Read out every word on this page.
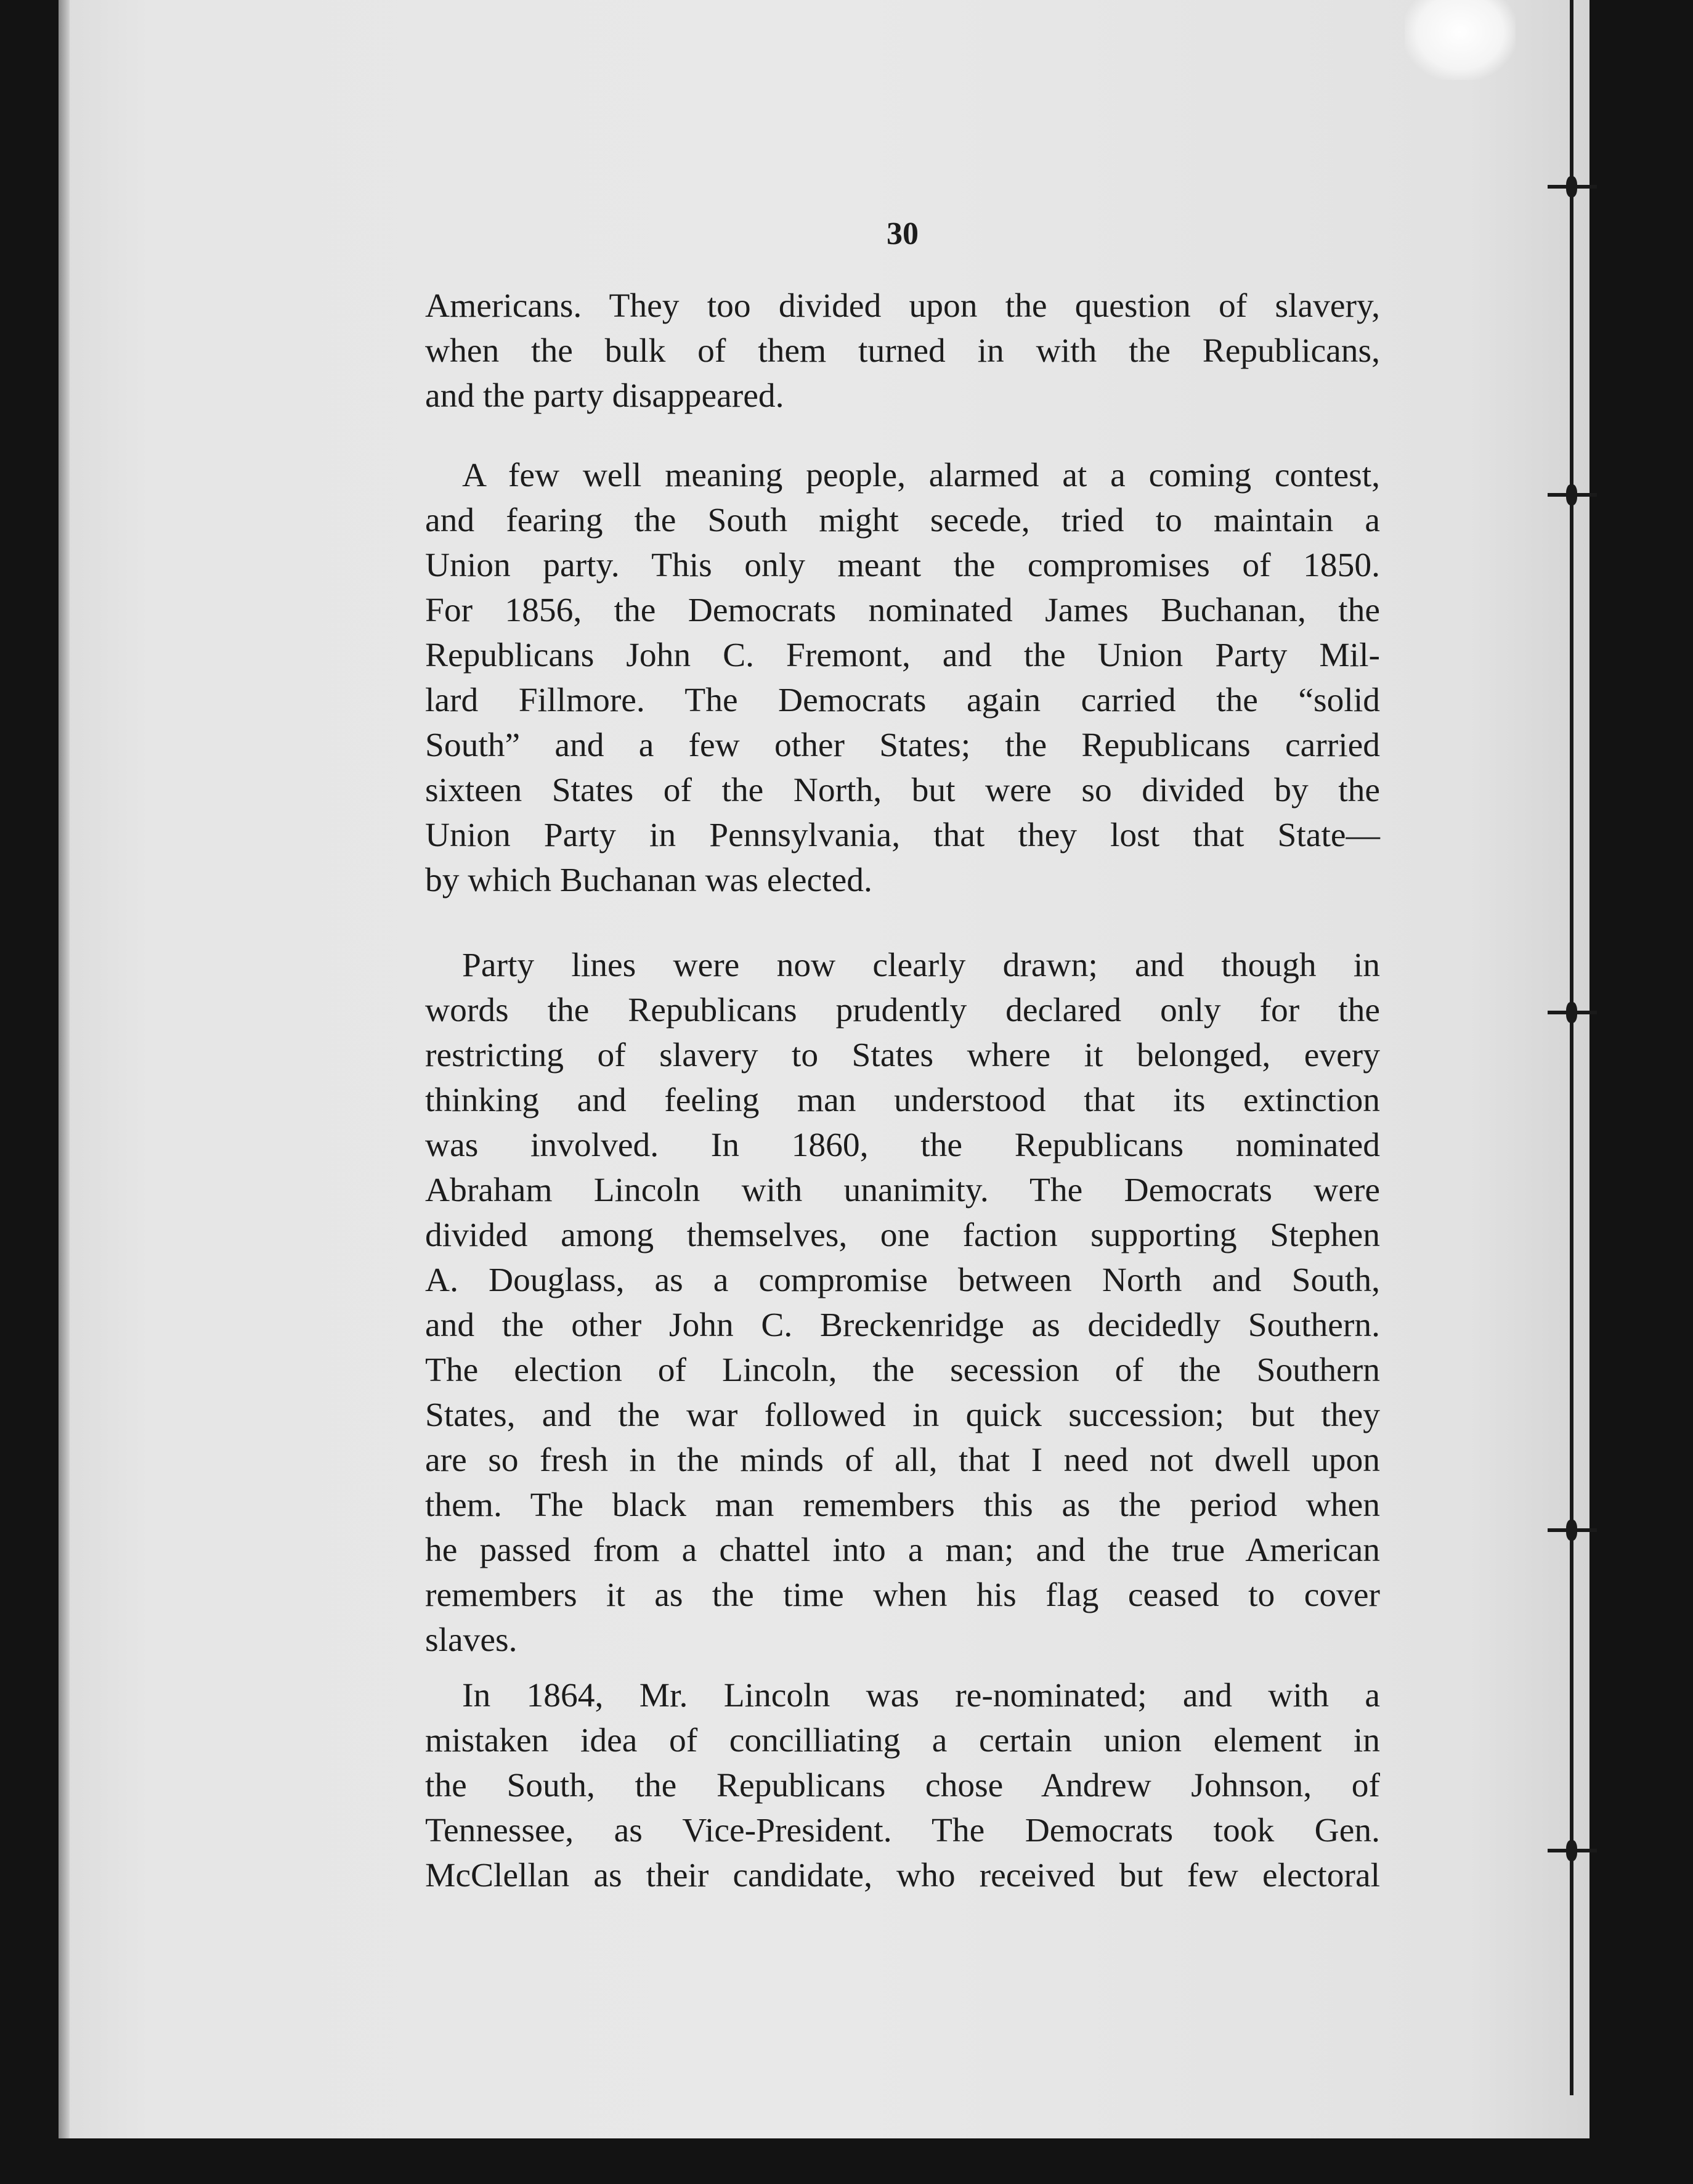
30
Americans. They too divided upon the question of slavery,
when the bulk of them turned in with the Republicans,
and the party disappeared.
A few well meaning people, alarmed at a coming contest,
and fearing the South might secede, tried to maintain a
Union party. This only meant the compromises of 1850.
For 1856, the Democrats nominated James Buchanan, the
Republicans John C. Fremont, and the Union Party Mil-
lard Fillmore. The Democrats again carried the “solid
South” and a few other States; the Republicans carried
sixteen States of the North, but were so divided by the
Union Party in Pennsylvania, that they lost that State—
by which Buchanan was elected.
Party lines were now clearly drawn; and though in
words the Republicans prudently declared only for the
restricting of slavery to States where it belonged, every
thinking and feeling man understood that its extinction
was involved. In 1860, the Republicans nominated
Abraham Lincoln with unanimity. The Democrats were
divided among themselves, one faction supporting Stephen
A. Douglass, as a compromise between North and South,
and the other John C. Breckenridge as decidedly Southern.
The election of Lincoln, the secession of the Southern
States, and the war followed in quick succession; but they
are so fresh in the minds of all, that I need not dwell upon
them. The black man remembers this as the period when
he passed from a chattel into a man; and the true American
remembers it as the time when his flag ceased to cover
slaves.
In 1864, Mr. Lincoln was re-nominated; and with a
mistaken idea of concilliating a certain union element in
the South, the Republicans chose Andrew Johnson, of
Tennessee, as Vice-President. The Democrats took Gen.
McClellan as their candidate, who received but few electoral
